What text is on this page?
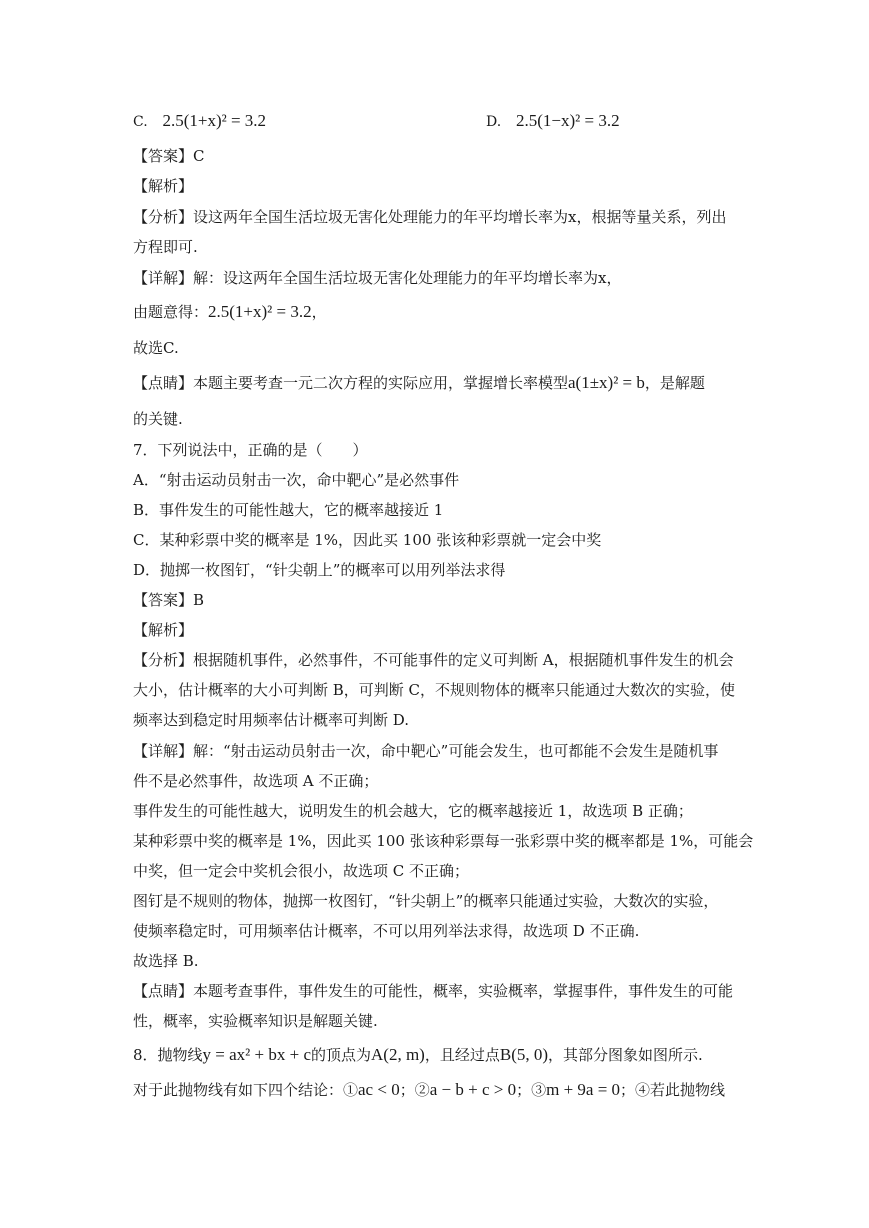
C. 2.5(1+x)² = 3.2	D. 2.5(1−x)² = 3.2
【答案】C
【解析】
【分析】设这两年全国生活垃圾无害化处理能力的年平均增长率为x，根据等量关系，列出
方程即可.
【详解】解：设这两年全国生活垃圾无害化处理能力的年平均增长率为x，
由题意得：2.5(1+x)² = 3.2，
故选C.
【点睛】本题主要考查一元二次方程的实际应用，掌握增长率模型a(1±x)² = b，是解题
的关键.
7．下列说法中，正确的是（　　）
A．“射击运动员射击一次，命中靶心”是必然事件
B．事件发生的可能性越大，它的概率越接近 1
C．某种彩票中奖的概率是 1%，因此买 100 张该种彩票就一定会中奖
D．抛掷一枚图钉，“针尖朝上”的概率可以用列举法求得
【答案】B
【解析】
【分析】根据随机事件，必然事件，不可能事件的定义可判断 A，根据随机事件发生的机会
大小，估计概率的大小可判断 B，可判断 C，不规则物体的概率只能通过大数次的实验，使
频率达到稳定时用频率估计概率可判断 D.
【详解】解：“射击运动员射击一次，命中靶心”可能会发生，也可都能不会发生是随机事
件不是必然事件，故选项 A 不正确；
事件发生的可能性越大，说明发生的机会越大，它的概率越接近 1，故选项 B 正确；
某种彩票中奖的概率是 1%，因此买 100 张该种彩票每一张彩票中奖的概率都是 1%，可能会
中奖，但一定会中奖机会很小，故选项 C 不正确；
图钉是不规则的物体，抛掷一枚图钉，“针尖朝上”的概率只能通过实验，大数次的实验，
使频率稳定时，可用频率估计概率，不可以用列举法求得，故选项 D 不正确.
故选择 B.
【点睛】本题考查事件，事件发生的可能性，概率，实验概率，掌握事件，事件发生的可能
性，概率，实验概率知识是解题关键.
8．抛物线y = ax² + bx + c的顶点为A(2, m)，且经过点B(5, 0)，其部分图象如图所示.
对于此抛物线有如下四个结论：①ac < 0；②a − b + c > 0；③m + 9a = 0；④若此抛物线
